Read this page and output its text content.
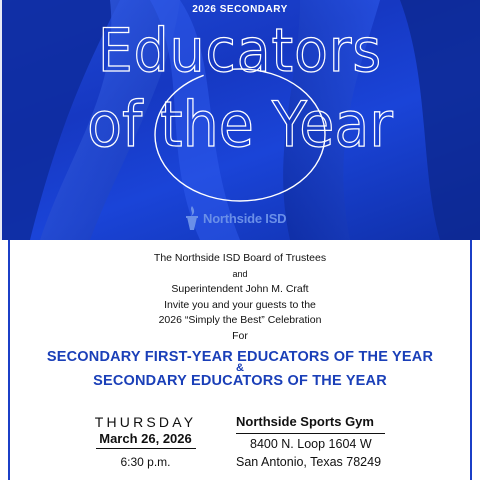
2026 SECONDARY
Educators
of the Year
Northside ISD
The Northside ISD Board of Trustees
and
Superintendent John M. Craft
Invite you and your guests to the
2026 “Simply the Best” Celebration
For
SECONDARY FIRST-YEAR EDUCATORS OF THE YEAR
&
SECONDARY EDUCATORS OF THE YEAR
THURSDAY
March 26, 2026
6:30 p.m.
Northside Sports Gym
8400 N. Loop 1604 W
San Antonio, Texas 78249
